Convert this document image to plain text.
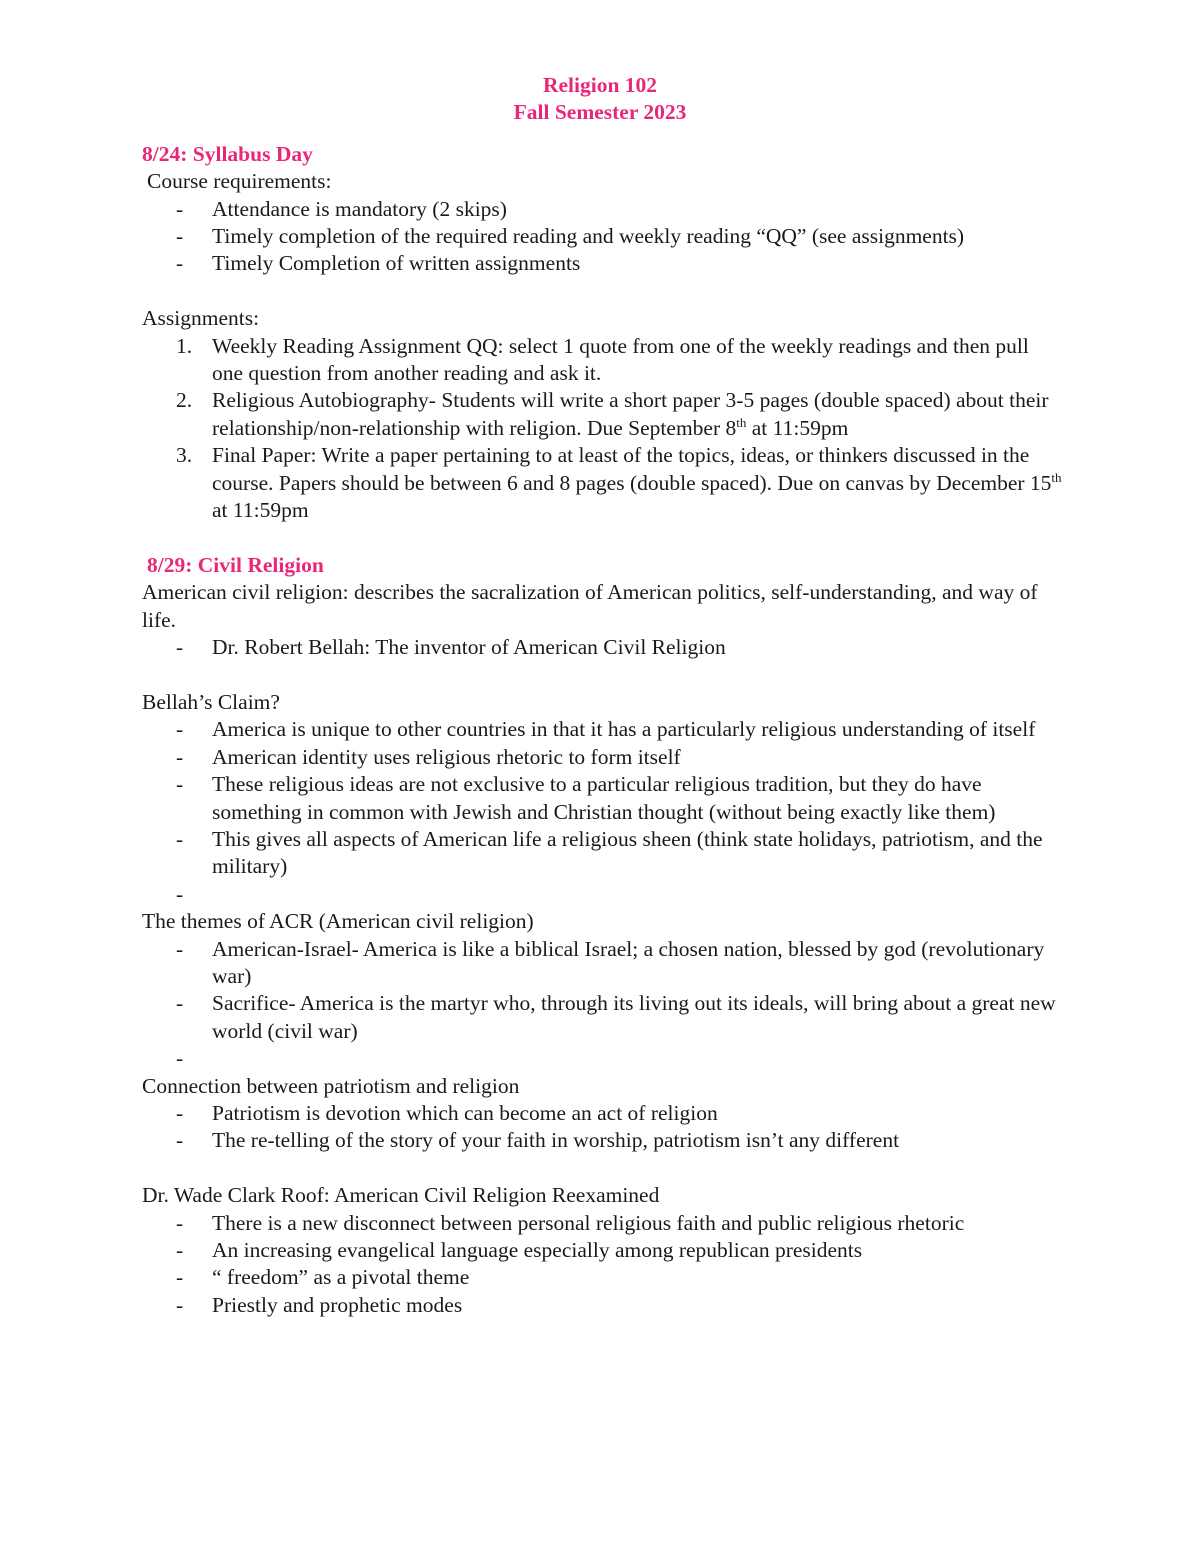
Religion 102
Fall Semester 2023
8/24: Syllabus Day
Course requirements:
- Attendance is mandatory (2 skips)
- Timely completion of the required reading and weekly reading “QQ” (see assignments)
- Timely Completion of written assignments
Assignments:
1. Weekly Reading Assignment QQ: select 1 quote from one of the weekly readings and then pull one question from another reading and ask it.
2. Religious Autobiography- Students will write a short paper 3-5 pages (double spaced) about their relationship/non-relationship with religion. Due September 8th at 11:59pm
3. Final Paper: Write a paper pertaining to at least of the topics, ideas, or thinkers discussed in the course. Papers should be between 6 and 8 pages (double spaced). Due on canvas by December 15th at 11:59pm
8/29: Civil Religion
American civil religion: describes the sacralization of American politics, self-understanding, and way of life.
- Dr. Robert Bellah: The inventor of American Civil Religion
Bellah’s Claim?
- America is unique to other countries in that it has a particularly religious understanding of itself
- American identity uses religious rhetoric to form itself
- These religious ideas are not exclusive to a particular religious tradition, but they do have something in common with Jewish and Christian thought (without being exactly like them)
- This gives all aspects of American life a religious sheen (think state holidays, patriotism, and the military)
-
The themes of ACR (American civil religion)
- American-Israel- America is like a biblical Israel; a chosen nation, blessed by god (revolutionary war)
- Sacrifice- America is the martyr who, through its living out its ideals, will bring about a great new world (civil war)
-
Connection between patriotism and religion
- Patriotism is devotion which can become an act of religion
- The re-telling of the story of your faith in worship, patriotism isn’t any different
Dr. Wade Clark Roof: American Civil Religion Reexamined
- There is a new disconnect between personal religious faith and public religious rhetoric
- An increasing evangelical language especially among republican presidents
- “ freedom” as a pivotal theme
- Priestly and prophetic modes
